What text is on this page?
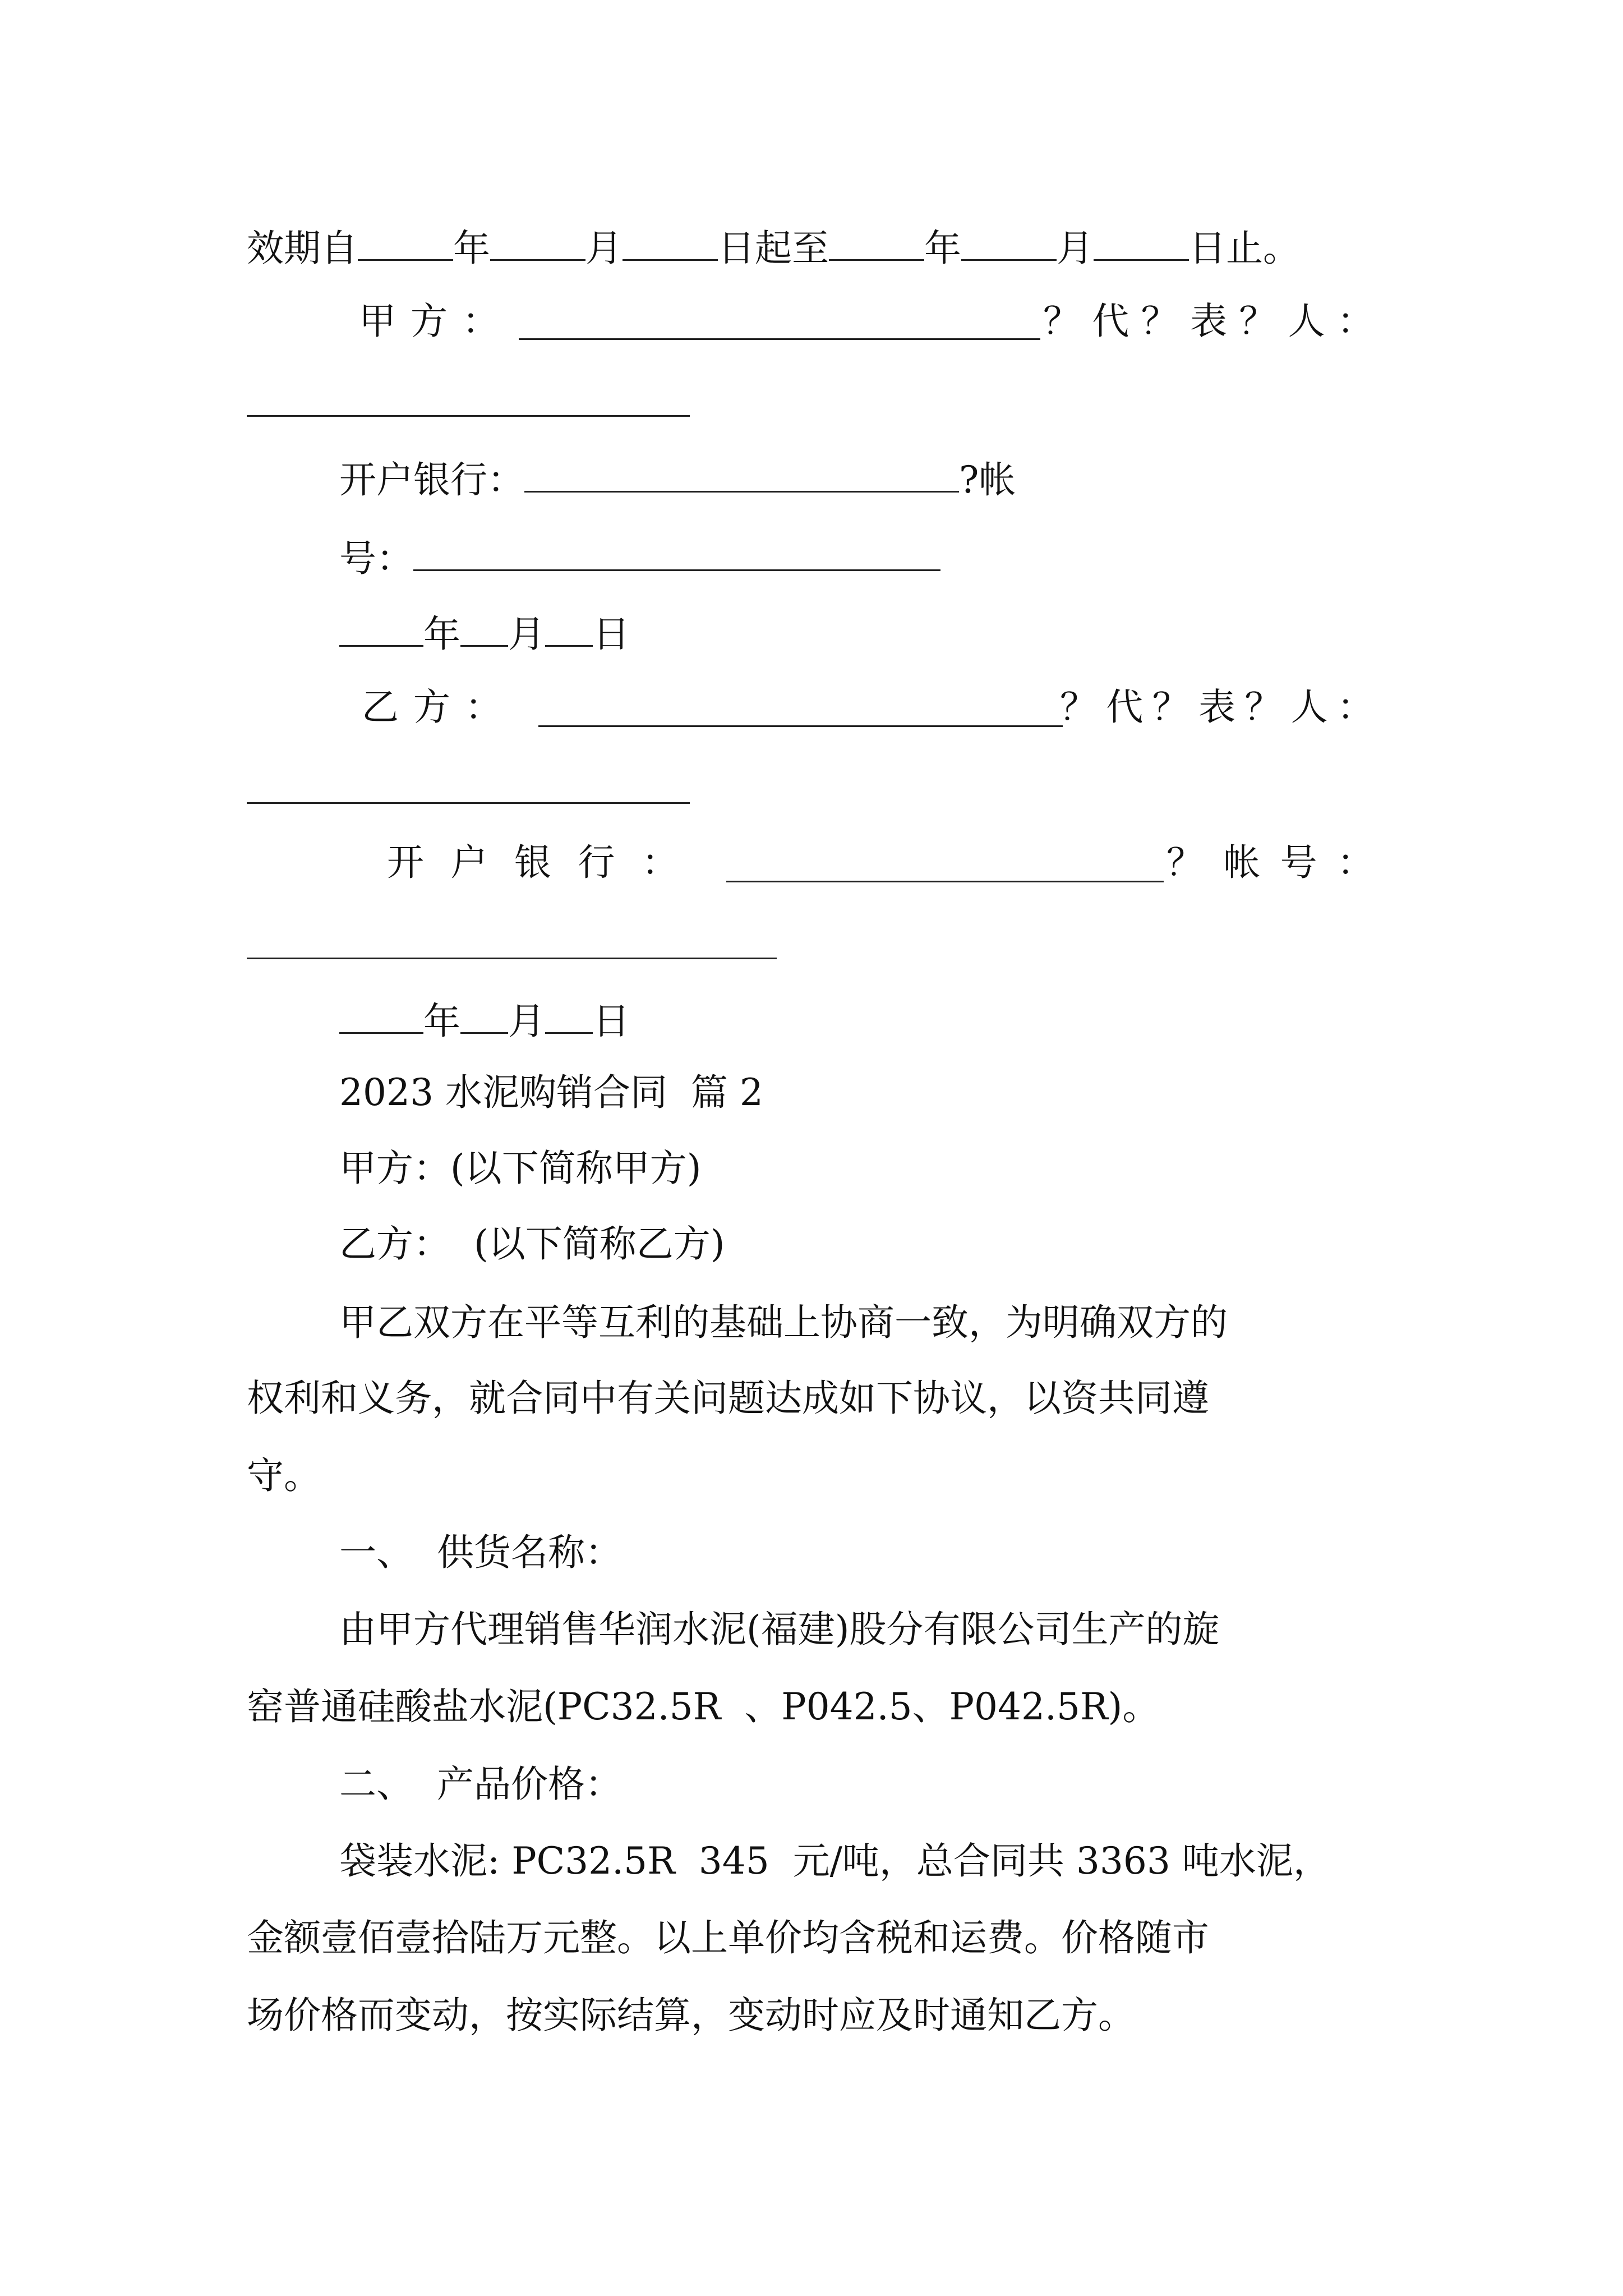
效期自	年	月	日起至	年	月	日止。
甲 方 ：	？ 代 ？ 表 ？ 人 ：
开户银行：	?帐
号：
年 月 日
乙 方 ：	？ 代 ？ 表 ？ 人 ：
开 户 银 行 ：	？ 帐 号 ：
年 月 日
2023 水泥购销合同  篇 2
甲方：(以下简称甲方)
乙方：  (以下简称乙方)
甲乙双方在平等互利的基础上协商一致，为明确双方的
权利和义务，就合同中有关问题达成如下协议，以资共同遵
守。
一、  供货名称：
由甲方代理销售华润水泥(福建)股分有限公司生产的旋
窑普通硅酸盐水泥(PC32.5R  、P042.5、P042.5R)。
二、  产品价格：
袋装水泥: PC32.5R  345  元/吨，总合同共 3363 吨水泥，
金额壹佰壹拾陆万元整。以上单价均含税和运费。价格随市
场价格而变动，按实际结算，变动时应及时通知乙方。
